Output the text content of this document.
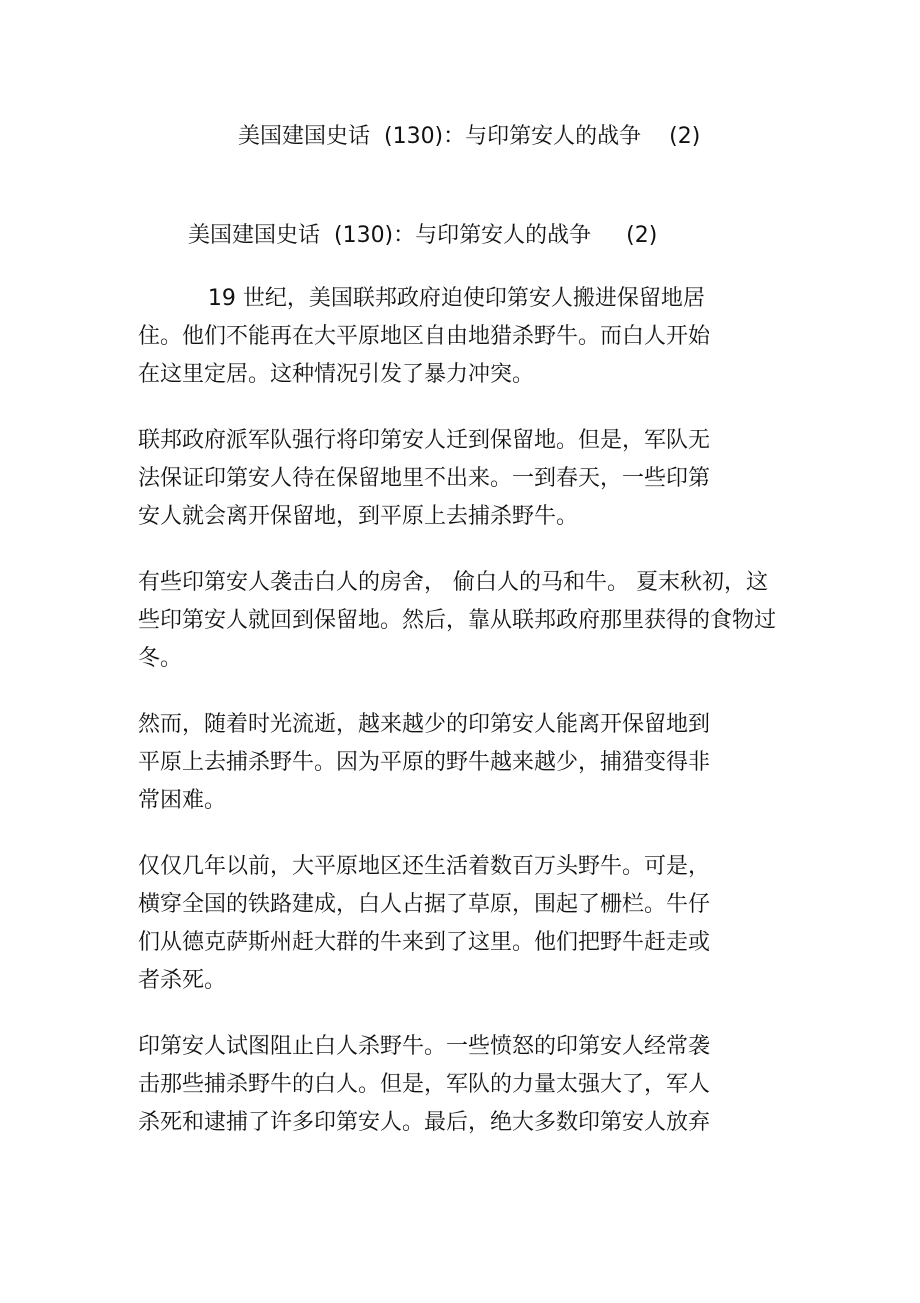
美国建国史话  (130)：与印第安人的战争    (2)
美国建国史话  (130)：与印第安人的战争     (2)
19 世纪，美国联邦政府迫使印第安人搬进保留地居
住。他们不能再在大平原地区自由地猎杀野牛。而白人开始
在这里定居。这种情况引发了暴力冲突。
联邦政府派军队强行将印第安人迁到保留地。但是，军队无
法保证印第安人待在保留地里不出来。一到春天，一些印第
安人就会离开保留地，到平原上去捕杀野牛。
有些印第安人袭击白人的房舍， 偷白人的马和牛。 夏末秋初，这
些印第安人就回到保留地。然后，靠从联邦政府那里获得的食物过
冬。
然而，随着时光流逝，越来越少的印第安人能离开保留地到
平原上去捕杀野牛。因为平原的野牛越来越少，捕猎变得非
常困难。
仅仅几年以前，大平原地区还生活着数百万头野牛。可是，
横穿全国的铁路建成，白人占据了草原，围起了栅栏。牛仔
们从德克萨斯州赶大群的牛来到了这里。他们把野牛赶走或
者杀死。
印第安人试图阻止白人杀野牛。一些愤怒的印第安人经常袭
击那些捕杀野牛的白人。但是，军队的力量太强大了，军人
杀死和逮捕了许多印第安人。最后，绝大多数印第安人放弃
